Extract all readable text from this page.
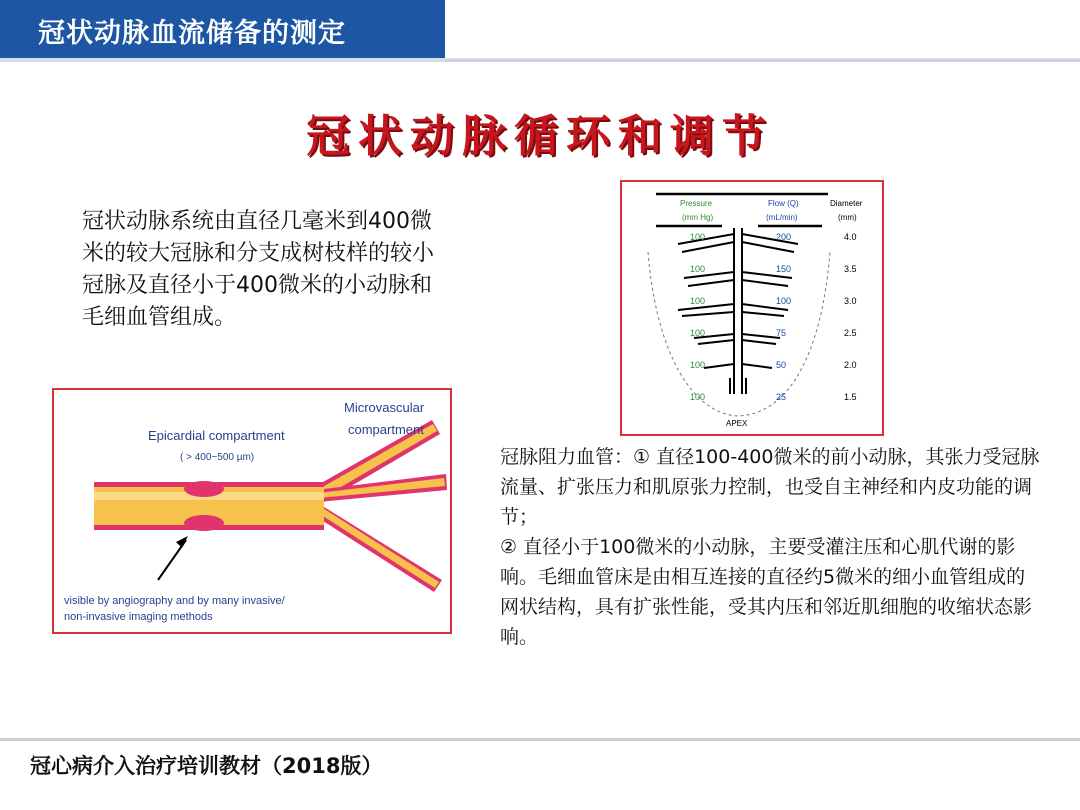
冠状动脉血流储备的测定
冠状动脉循环和调节
冠状动脉系统由直径几毫米到400微米的较大冠脉和分支成树枝样的较小冠脉及直径小于400微米的小动脉和毛细血管组成。
Epicardial compartment
( > 400~500 µm)
Microvascular
compartment
visible by angiography and by many invasive/
non-invasive imaging methods
Pressure
(mm Hg)
Flow (Q)
(mL/min)
Diameter
(mm)
100	200	4.0
100	150	3.5
100	100	3.0
100	75	2.5
100	50	2.0
100	25	1.5
APEX

冠脉阻力血管：① 直径100-400微米的前小动脉，其张力受冠脉流量、扩张压力和肌原张力控制，也受自主神经和内皮功能的调节；

② 直径小于100微米的小动脉，主要受灌注压和心肌代谢的影响。毛细血管床是由相互连接的直径约5微米的细小血管组成的网状结构，具有扩张性能，受其内压和邻近肌细胞的收缩状态影响。

冠心病介入治疗培训教材（2018版）
